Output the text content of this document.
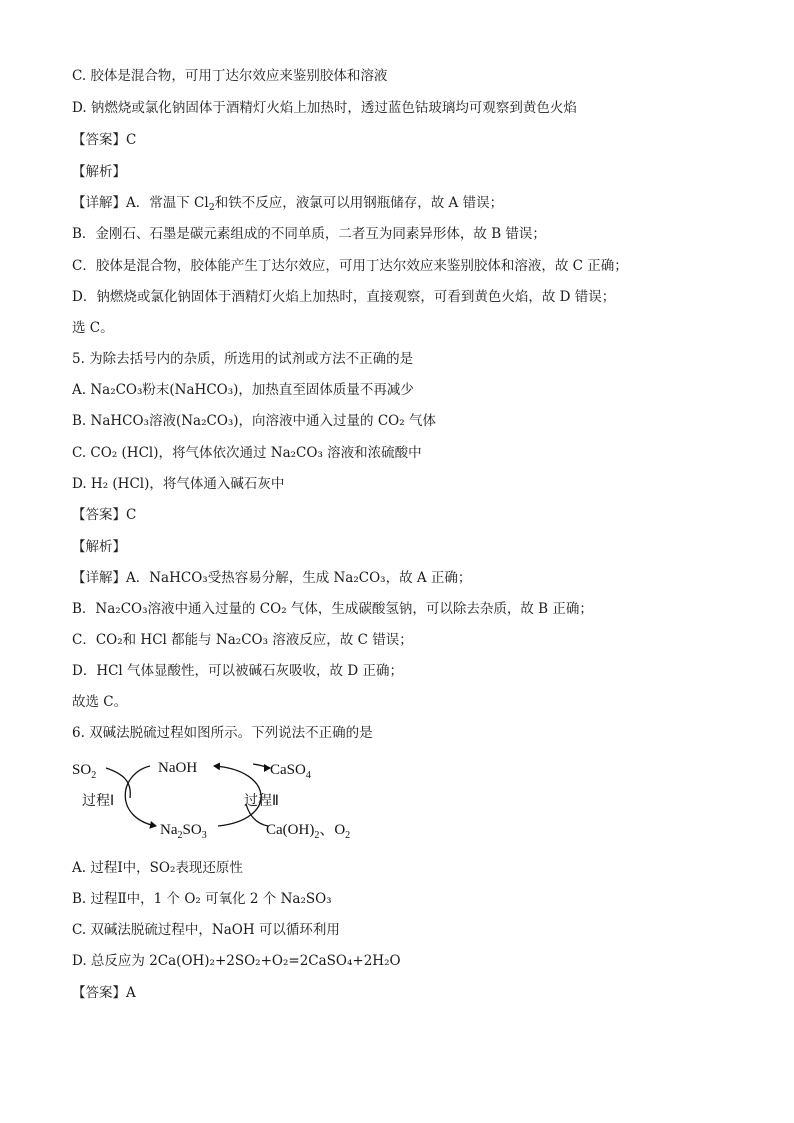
C. 胶体是混合物，可用丁达尔效应来鉴别胶体和溶液
D. 钠燃烧或氯化钠固体于酒精灯火焰上加热时，透过蓝色钴玻璃均可观察到黄色火焰
【答案】C
【解析】
【详解】A．常温下 $Cl_2$和铁不反应，液氯可以用钢瓶储存，故 A 错误；
B．金刚石、石墨是碳元素组成的不同单质，二者互为同素异形体，故 B 错误；
C．胶体是混合物，胶体能产生丁达尔效应，可用丁达尔效应来鉴别胶体和溶液，故 C 正确；
D．钠燃烧或氯化钠固体于酒精灯火焰上加热时，直接观察，可看到黄色火焰，故 D 错误；
选 C。
5. 为除去括号内的杂质，所选用的试剂或方法不正确的是
A. Na₂CO₃粉末(NaHCO₃)，加热直至固体质量不再减少
B. NaHCO₃溶液(Na₂CO₃)，向溶液中通入过量的 CO₂ 气体
C. CO₂ (HCl)，将气体依次通过 Na₂CO₃ 溶液和浓硫酸中
D. H₂ (HCl)，将气体通入碱石灰中
【答案】C
【解析】
【详解】A．NaHCO₃受热容易分解，生成 Na₂CO₃，故 A 正确；
B．Na₂CO₃溶液中通入过量的 CO₂ 气体，生成碳酸氢钠，可以除去杂质，故 B 正确；
C．CO₂和 HCl 都能与 Na₂CO₃ 溶液反应，故 C 错误；
D．HCl 气体显酸性，可以被碱石灰吸收，故 D 正确；
故选 C。
6. 双碱法脱硫过程如图所示。下列说法不正确的是
$SO_2$	NaOH	CaSO$_4$
过程Ⅰ	过程Ⅱ
$Na_2SO_3$	$Ca(OH)_2$、$O_2$
A. 过程Ⅰ中，SO₂表现还原性
B. 过程Ⅱ中，1 个 O₂ 可氧化 2 个 Na₂SO₃
C. 双碱法脱硫过程中，NaOH 可以循环利用
D. 总反应为 2Ca(OH)₂+2SO₂+O₂=2CaSO₄+2H₂O
【答案】A
